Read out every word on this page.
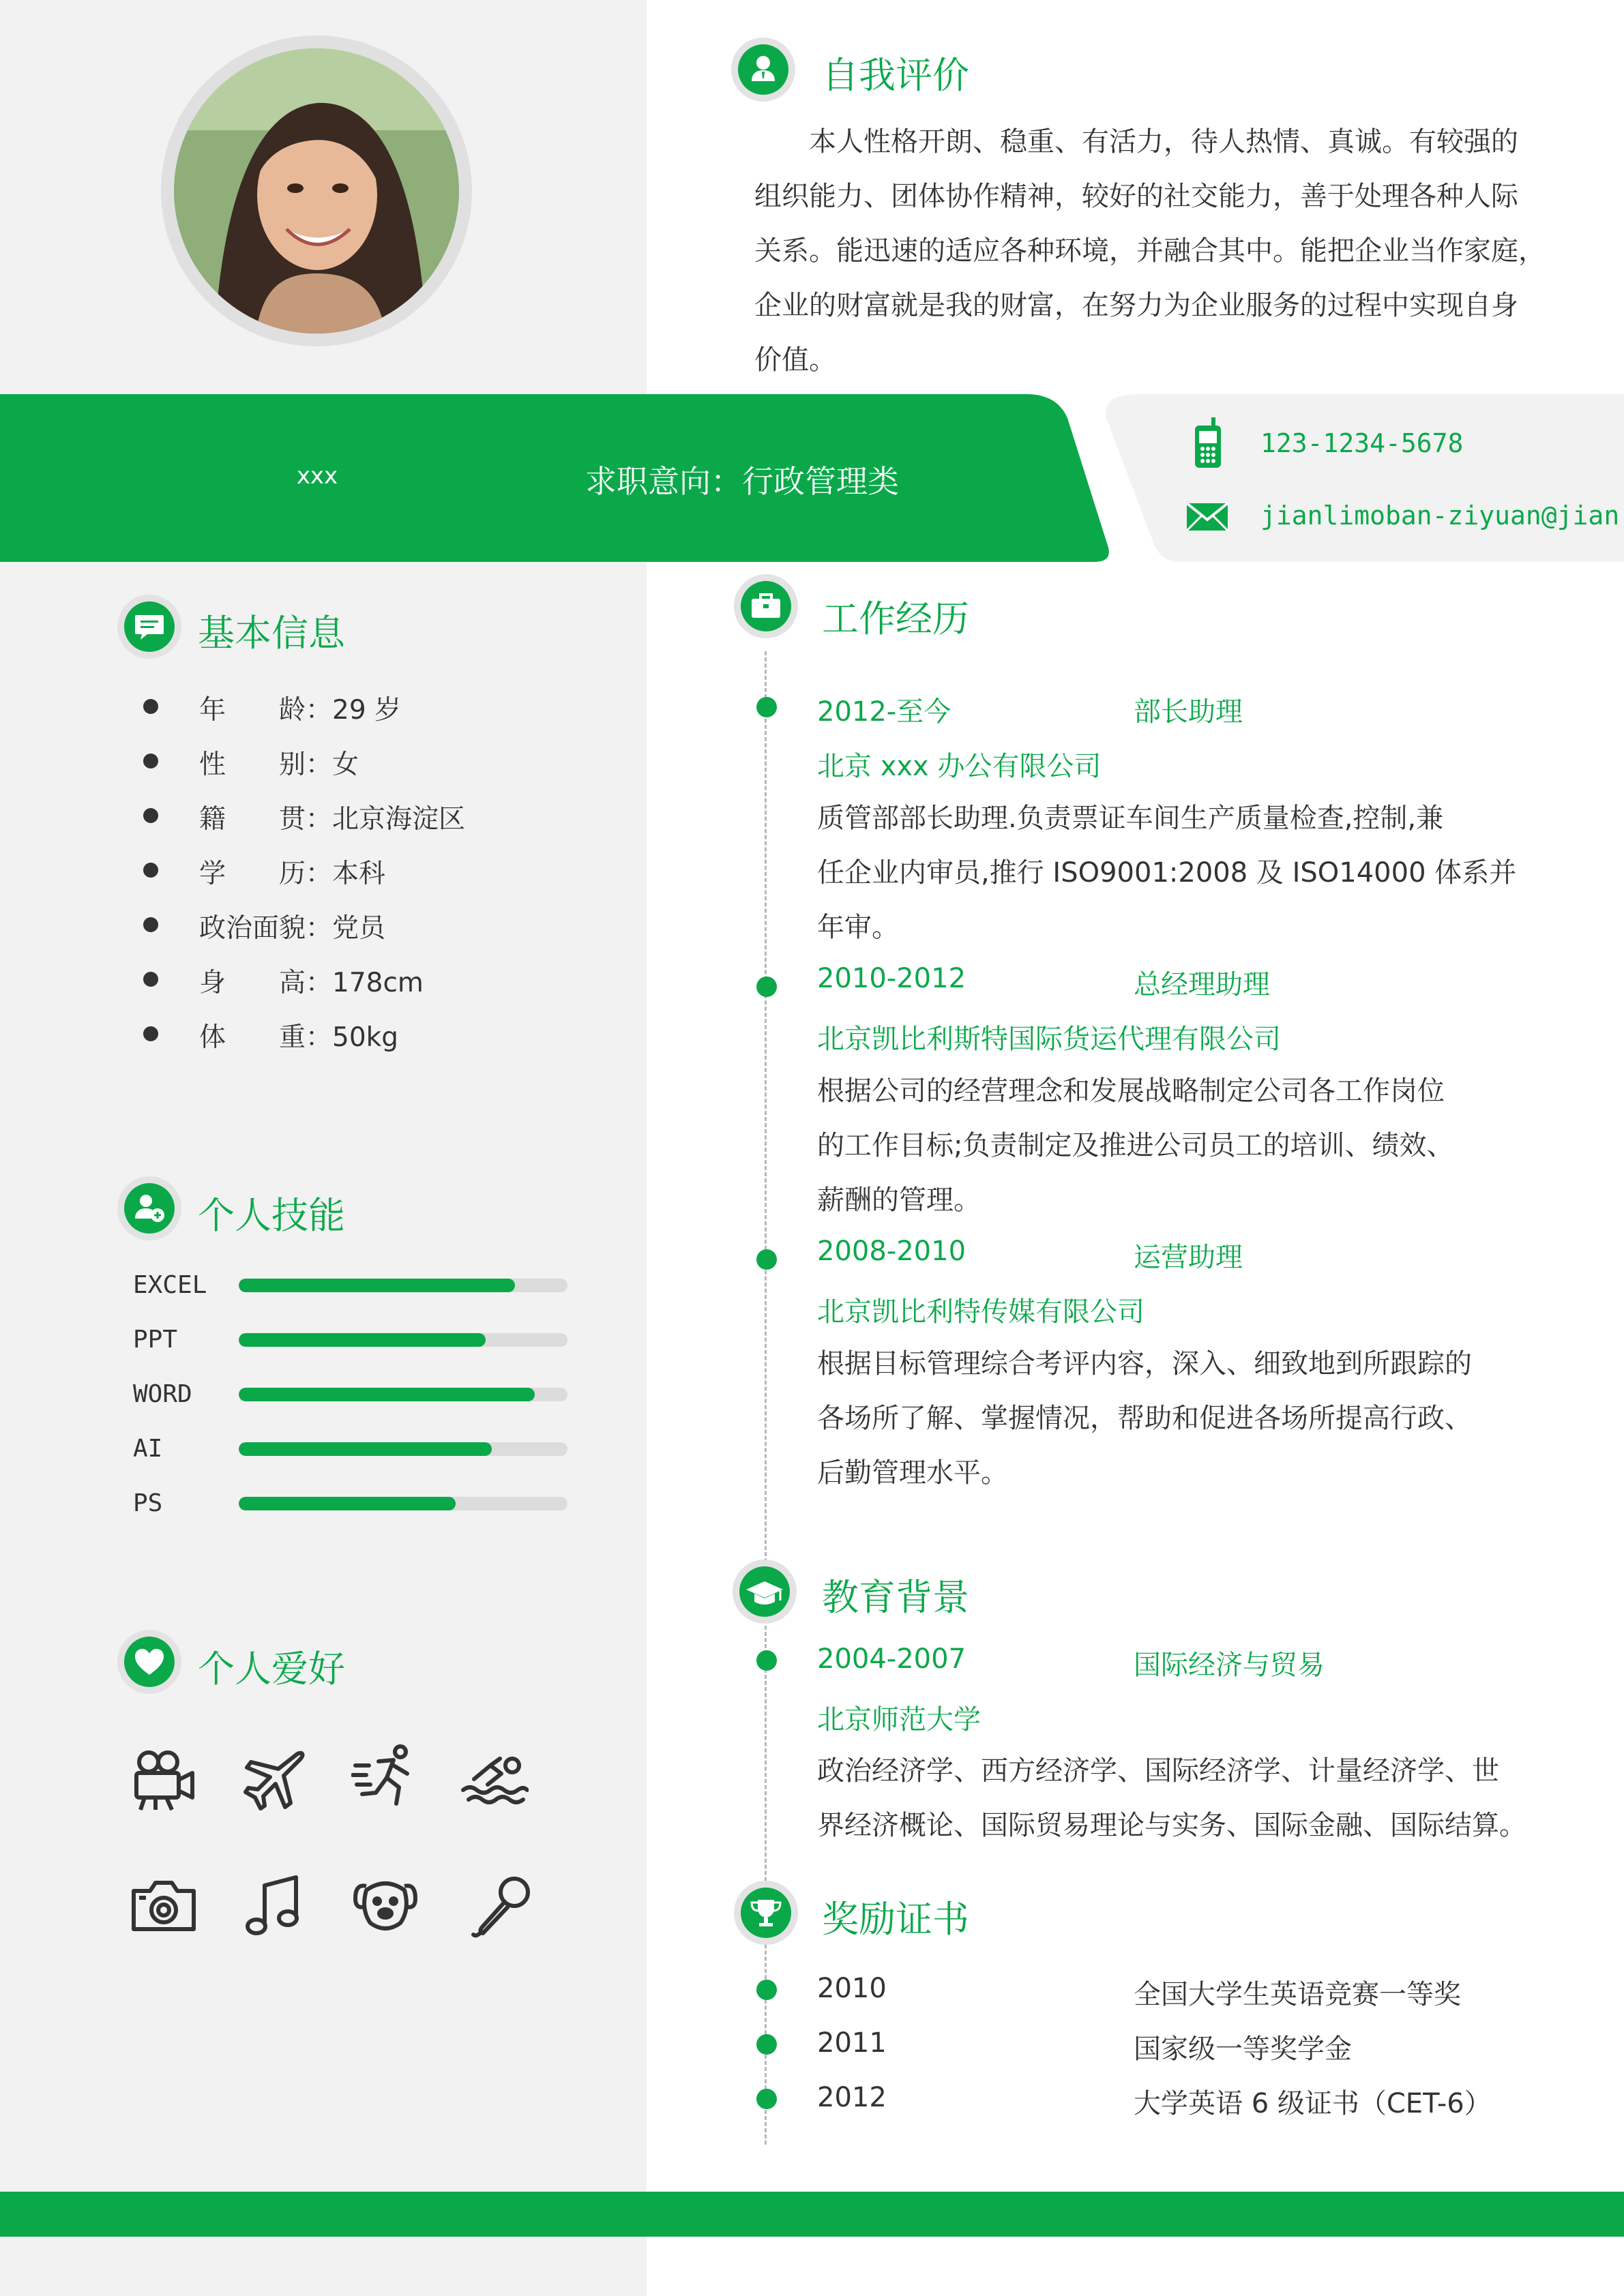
自我评价
　　本人性格开朗、稳重、有活力，待人热情、真诚。有较强的
组织能力、团体协作精神，较好的社交能力，善于处理各种人际
关系。能迅速的适应各种环境，并融合其中。能把企业当作家庭，
企业的财富就是我的财富，在努力为企业服务的过程中实现自身
价值。
xxx	求职意向：行政管理类
123-1234-5678
jianlimoban-ziyuan@jian
基本信息
年　　龄：29 岁
性　　别：女
籍　　贯：北京海淀区
学　　历：本科
政治面貌：党员
身　　高：178cm
体　　重：50kg
个人技能
EXCEL
PPT
WORD
AI
PS
个人爱好
工作经历
2012-至今	部长助理
北京 xxx 办公有限公司
质管部部长助理.负责票证车间生产质量检查,控制,兼
任企业内审员,推行 ISO9001:2008 及 ISO14000 体系并
年审。
2010-2012	总经理助理
北京凯比利斯特国际货运代理有限公司
根据公司的经营理念和发展战略制定公司各工作岗位
的工作目标;负责制定及推进公司员工的培训、绩效、
薪酬的管理。
2008-2010	运营助理
北京凯比利特传媒有限公司
根据目标管理综合考评内容，深入、细致地到所跟踪的
各场所了解、掌握情况，帮助和促进各场所提高行政、
后勤管理水平。
教育背景
2004-2007	国际经济与贸易
北京师范大学
政治经济学、西方经济学、国际经济学、计量经济学、世
界经济概论、国际贸易理论与实务、国际金融、国际结算。
奖励证书
2010	全国大学生英语竞赛一等奖
2011	国家级一等奖学金
2012	大学英语 6 级证书（CET-6）
